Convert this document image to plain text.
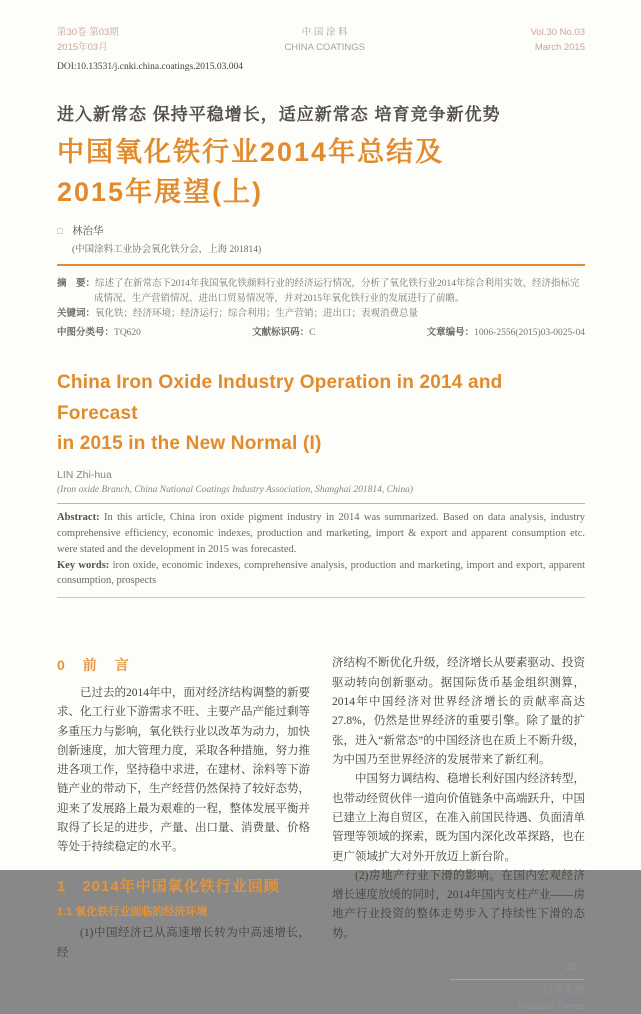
第30卷 第03期
2015年03月
中 国 涂 料
CHINA COATINGS
Vol.30 No.03
March 2015
DOI:10.13531/j.cnki.china.coatings.2015.03.004
进入新常态 保持平稳增长，适应新常态 培育竞争新优势
中国氧化铁行业2014年总结及
2015年展望(上)
□ 林治华
(中国涂料工业协会氧化铁分会，上海 201814)

摘　要：综述了在新常态下2014年我国氧化铁颜料行业的经济运行情况，分析了氧化铁行业2014年综合利用实效、经济指标完成情况、生产营销情况、进出口贸易情况等，并对2015年氧化铁行业的发展进行了前瞻。

关键词：氧化铁；经济环境；经济运行；综合利用；生产营销；进出口；表观消费总量

中图分类号：TQ620	文献标识码：C	文章编号：1006-2556(2015)03-0025-04

China Iron Oxide Industry Operation in 2014 and Forecast
in 2015 in the New Normal (I)
LIN Zhi-hua
(Iron oxide Branch, China National Coatings Industry Association, Shanghai 201814, China)

Abstract: In this article, China iron oxide pigment industry in 2014 was summarized. Based on data analysis, industry comprehensive efficiency, economic indexes, production and marketing, import & export and apparent consumption etc. were stated and the development in 2015 was forecasted.

Key words: iron oxide, economic indexes, comprehensive analysis, production and marketing, import and export, apparent consumption, prospects

0　前　言

已过去的2014年中，面对经济结构调整的新要求、化工行业下游需求不旺、主要产品产能过剩等多重压力与影响，氧化铁行业以改革为动力，加快创新速度，加大管理力度，采取各种措施，努力推进各项工作，坚持稳中求进，在建材、涂料等下游链产业的带动下，生产经营仍然保持了较好态势，迎来了发展路上最为艰难的一程，整体发展平衡并取得了长足的进步，产量、出口量、消费量、价格等处于持续稳定的水平。

1　2014年中国氧化铁行业回顾
1.1 氧化铁行业面临的经济环境

(1)中国经济已从高速增长转为中高速增长，经

济结构不断优化升级，经济增长从要素驱动、投资驱动转向创新驱动。据国际货币基金组织测算，2014年中国经济对世界经济增长的贡献率高达27.8%，仍然是世界经济的重要引擎。除了量的扩张，进入“新常态”的中国经济也在质上不断升级，为中国乃至世界经济的发展带来了新红利。

中国努力调结构、稳增长利好国内经济转型，也带动经贸伙伴一道向价值链条中高端跃升，中国已建立上海自贸区，在准入前国民待遇、负面清单管理等领域的探索，既为国内深化改革探路，也在更广领域扩大对外开放迈上新台阶。

(2)房地产行业下滑的影响。在国内宏观经济增长速度放缓的同时，2014年国内支柱产业——房地产行业投资的整体走势步入了持续性下滑的态势。

25
行业走势
Industrial Trends
